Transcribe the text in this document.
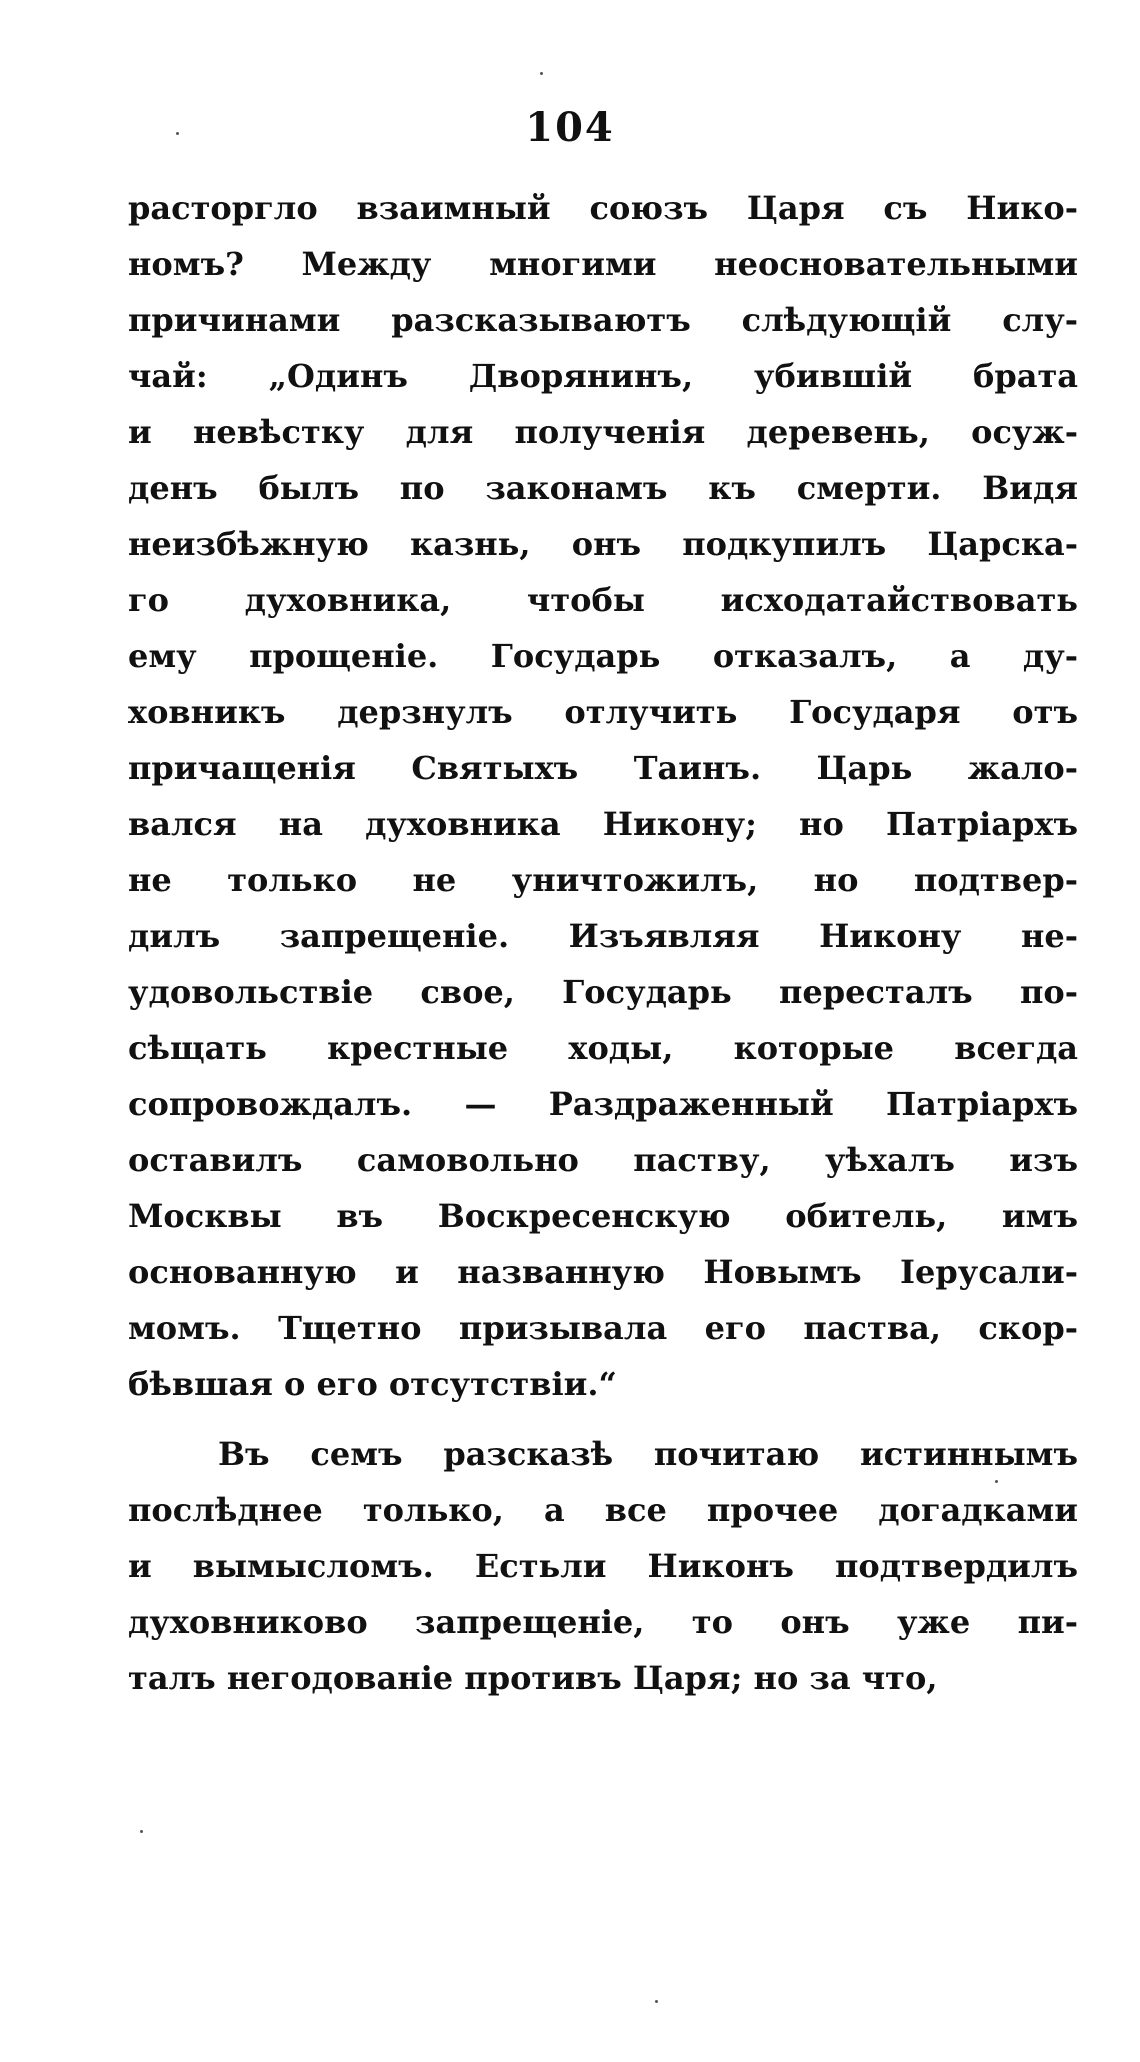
104
расторгло взаимный союзъ Царя съ Нико-
номъ? Между многими неосновательными
причинами разсказываютъ слѣдующій слу-
чай: „Одинъ Дворянинъ, убившій брата
и невѣстку для полученія деревень, осуж-
денъ былъ по законамъ къ смерти. Видя
неизбѣжную казнь, онъ подкупилъ Царска-
го духовника, чтобы исходатайствовать
ему прощеніе. Государь отказалъ, а ду-
ховникъ дерзнулъ отлучить Государя отъ
причащенія Святыхъ Таинъ. Царь жало-
вался на духовника Никону; но Патріархъ
не только не уничтожилъ, но подтвер-
дилъ запрещеніе. Изъявляя Никону не-
удовольствіе свое, Государь пересталъ по-
сѣщать крестные ходы, которые всегда
сопровождалъ. — Раздраженный Патріархъ
оставилъ самовольно паству, уѣхалъ изъ
Москвы въ Воскресенскую обитель, имъ
основанную и названную Новымъ Іерусали-
момъ. Тщетно призывала его паства, скор-
бѣвшая о его отсутствіи.“
Въ семъ разсказѣ почитаю истиннымъ
послѣднее только, а все прочее догадками
и вымысломъ. Естьли Никонъ подтвердилъ
духовниково запрещеніе, то онъ уже пи-
талъ негодованіе противъ Царя; но за что,
